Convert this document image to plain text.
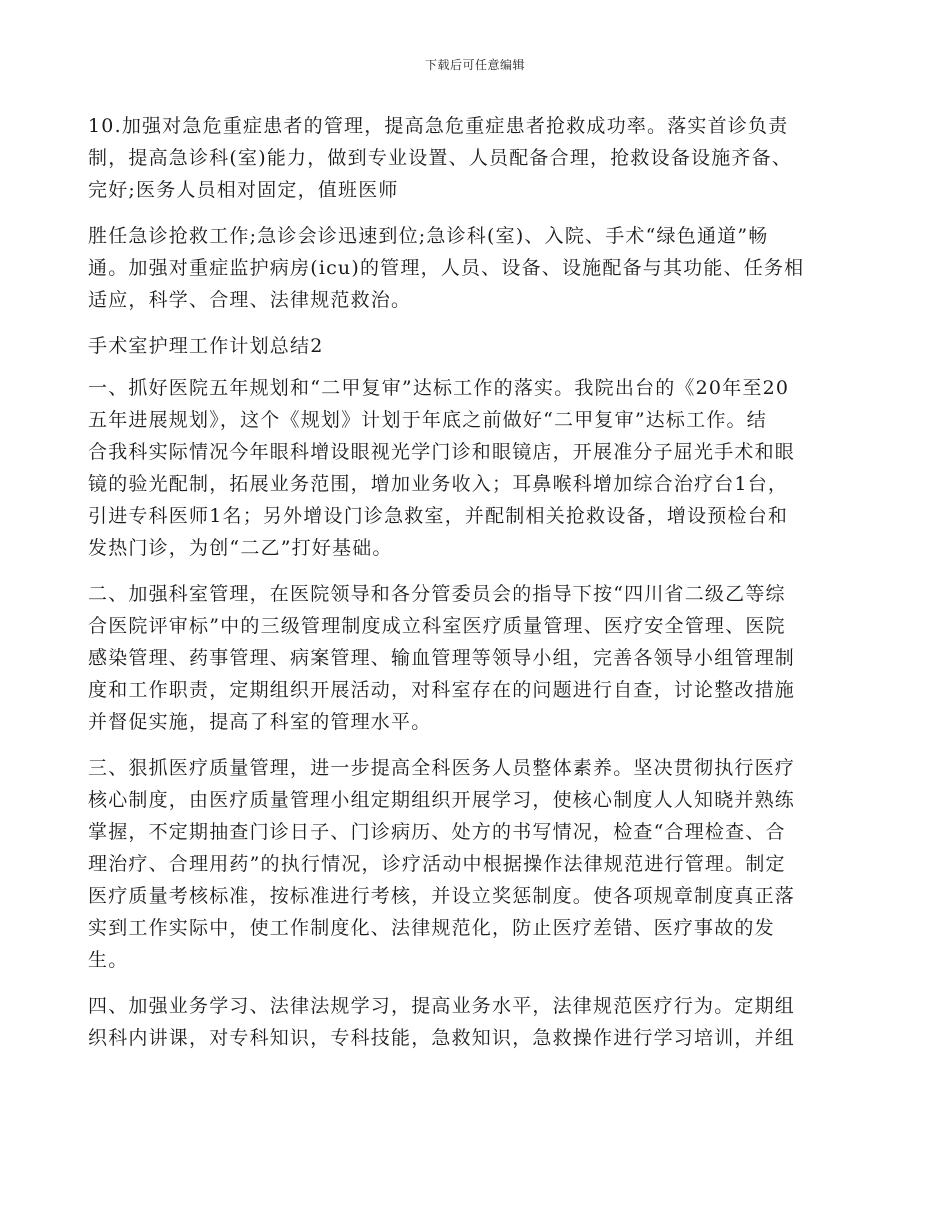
下载后可任意编辑

10.加强对急危重症患者的管理，提高急危重症患者抢救成功率。落实首诊负责
制，提高急诊科(室)能力，做到专业设置、人员配备合理，抢救设备设施齐备、
完好;医务人员相对固定，值班医师

胜任急诊抢救工作;急诊会诊迅速到位;急诊科(室)、入院、手术“绿色通道”畅
通。加强对重症监护病房(icu)的管理，人员、设备、设施配备与其功能、任务相
适应，科学、合理、法律规范救治。

手术室护理工作计划总结2

一、抓好医院五年规划和“二甲复审”达标工作的落实。我院出台的《20年至20
五年进展规划》，这个《规划》计划于年底之前做好“二甲复审”达标工作。结
合我科实际情况今年眼科增设眼视光学门诊和眼镜店，开展准分子屈光手术和眼
镜的验光配制，拓展业务范围，增加业务收入；耳鼻喉科增加综合治疗台1台，
引进专科医师1名；另外增设门诊急救室，并配制相关抢救设备，增设预检台和
发热门诊，为创“二乙”打好基础。

二、加强科室管理，在医院领导和各分管委员会的指导下按“四川省二级乙等综
合医院评审标”中的三级管理制度成立科室医疗质量管理、医疗安全管理、医院
感染管理、药事管理、病案管理、输血管理等领导小组，完善各领导小组管理制
度和工作职责，定期组织开展活动，对科室存在的问题进行自查，讨论整改措施
并督促实施，提高了科室的管理水平。

三、狠抓医疗质量管理，进一步提高全科医务人员整体素养。坚决贯彻执行医疗
核心制度，由医疗质量管理小组定期组织开展学习，使核心制度人人知晓并熟练
掌握，不定期抽查门诊日子、门诊病历、处方的书写情况，检查“合理检查、合
理治疗、合理用药”的执行情况，诊疗活动中根据操作法律规范进行管理。制定
医疗质量考核标准，按标准进行考核，并设立奖惩制度。使各项规章制度真正落
实到工作实际中，使工作制度化、法律规范化，防止医疗差错、医疗事故的发
生。

四、加强业务学习、法律法规学习，提高业务水平，法律规范医疗行为。定期组
织科内讲课，对专科知识，专科技能，急救知识，急救操作进行学习培训，并组
